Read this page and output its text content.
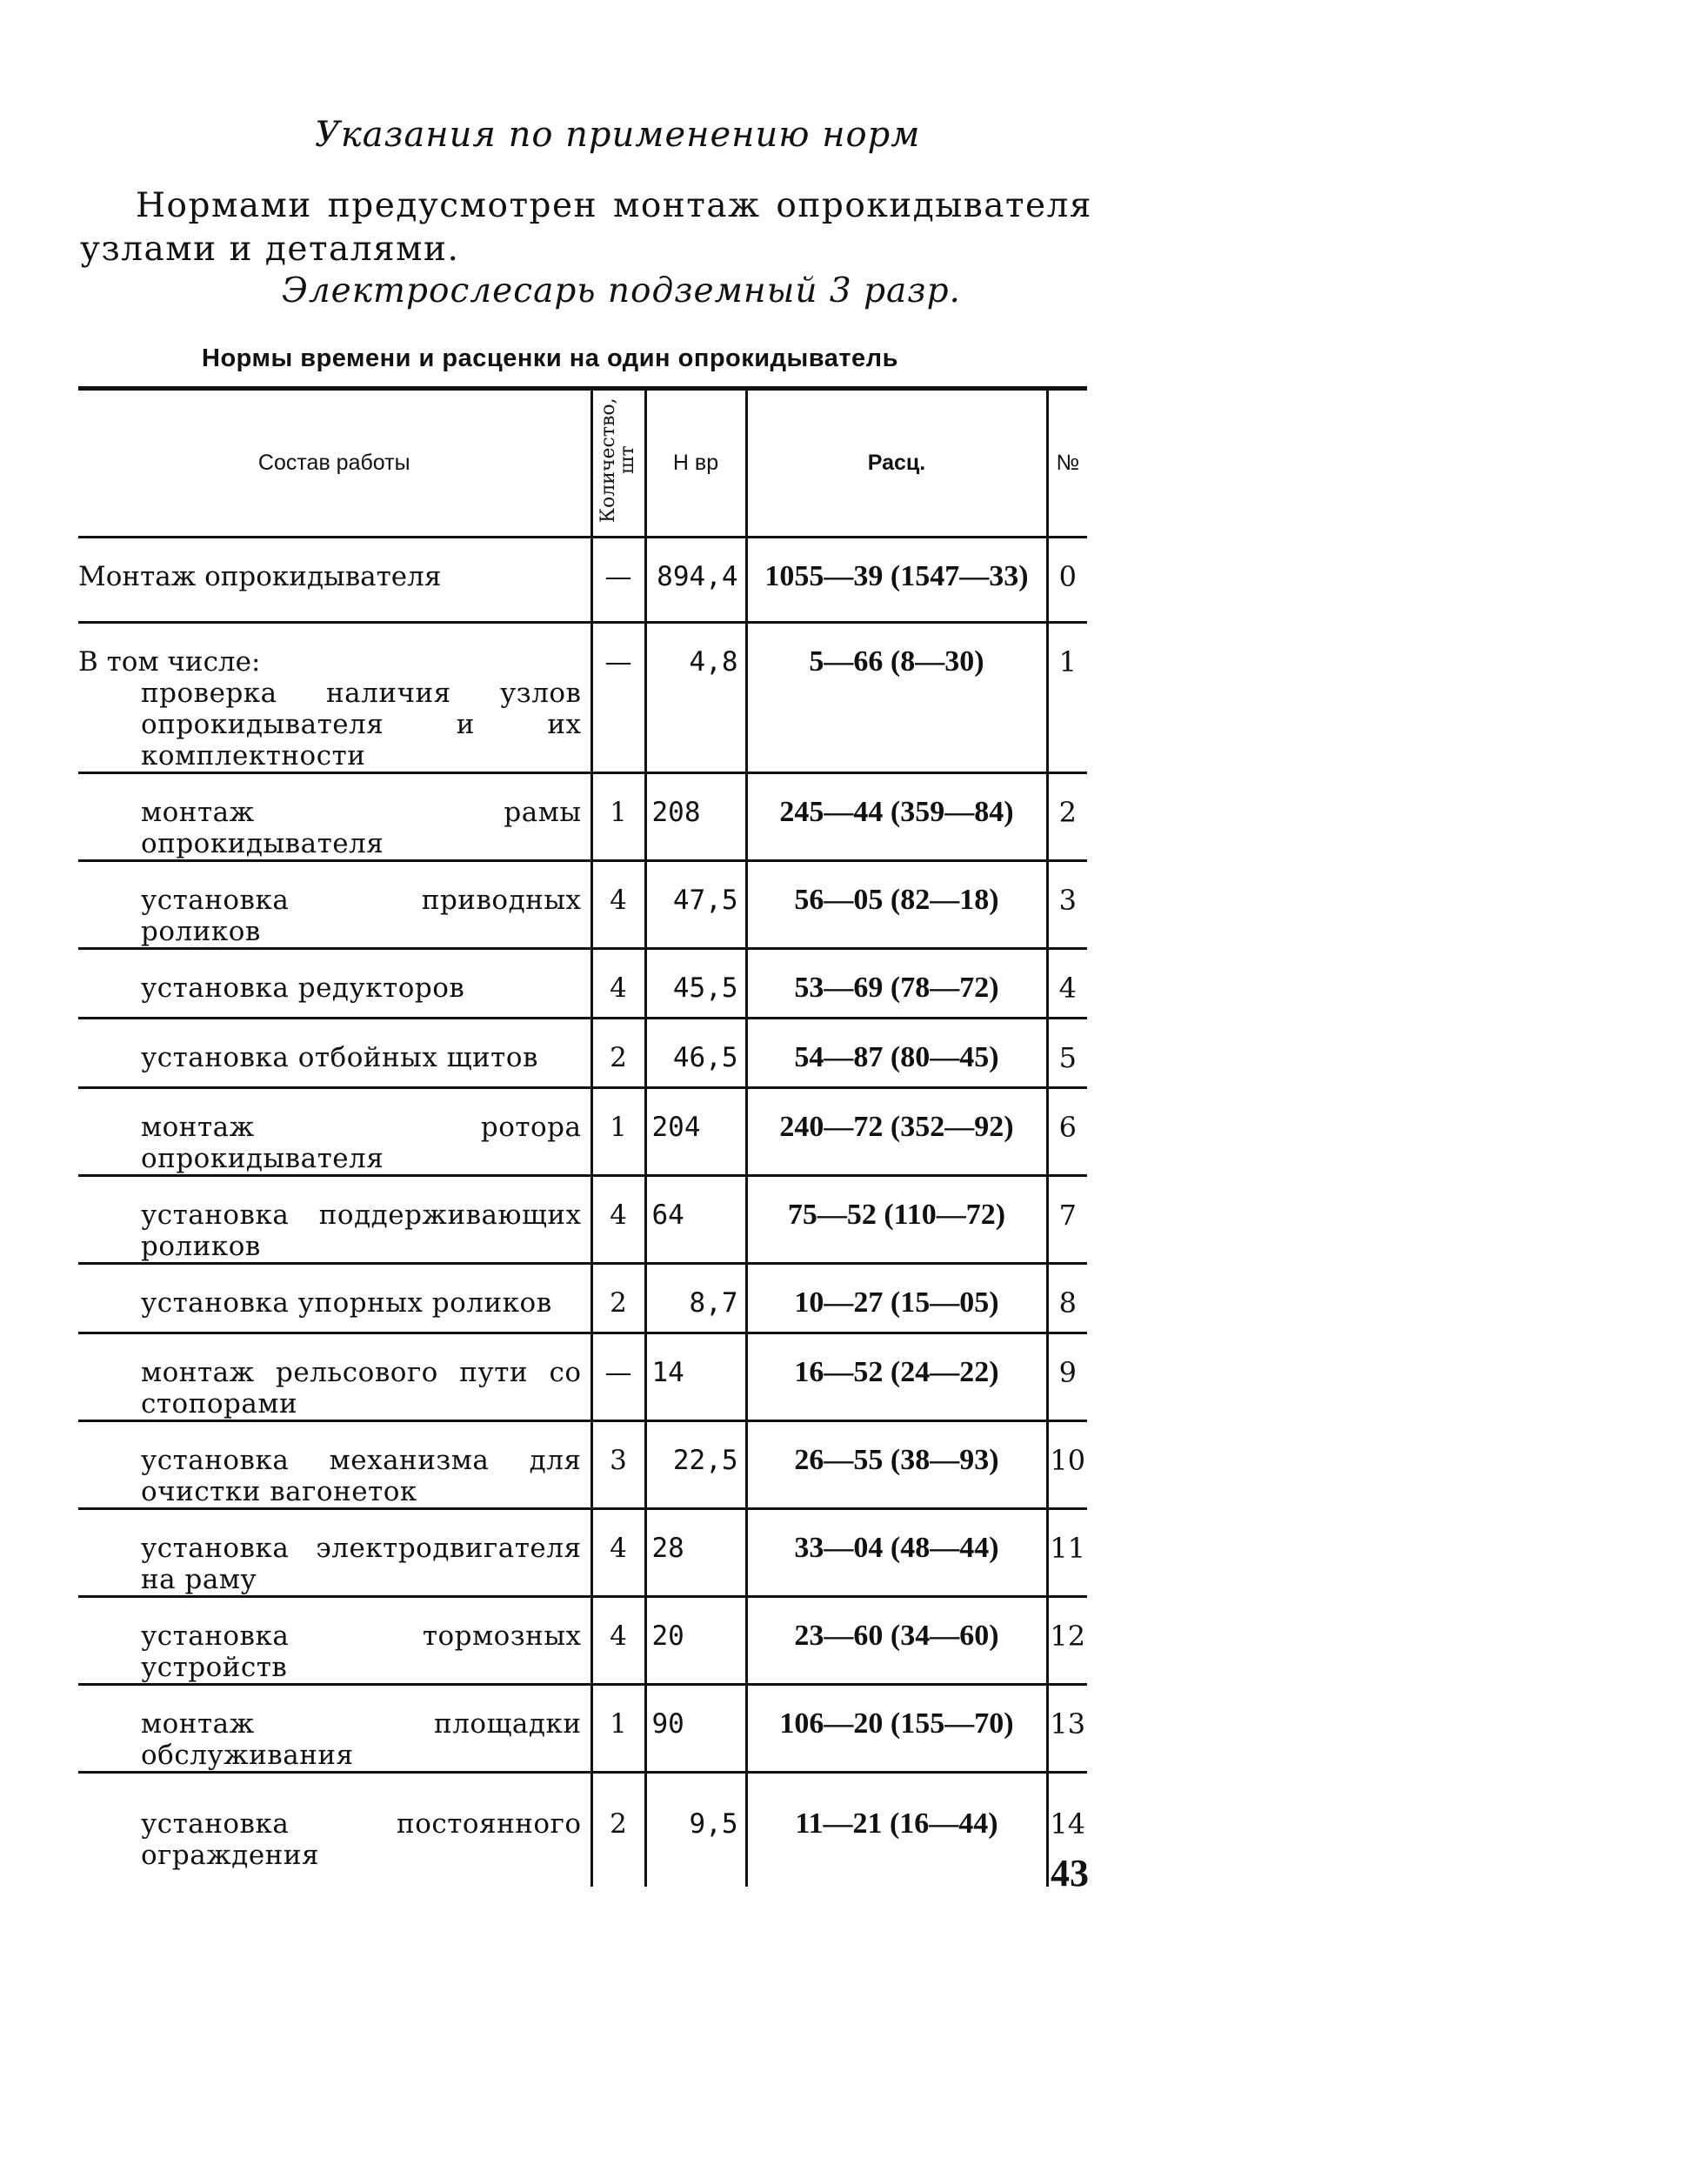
Указания по применению норм

Нормами предусмотрен монтаж опрокидывателя узлами и деталями.

Электрослесарь подземный 3 разр.

Нормы времени и расценки на один опрокидыватель
Состав работы	Количество, шт	Н вр	Расц.	№
Монтаж опрокидывателя	—	894,4	1055—39 (1547—33)	0

В том числе:
проверка наличия узлов опрокидывателя и их комплектности	—	4,8	5—66 (8—30)	1

монтаж рамы опрокидывателя	1	208	245—44 (359—84)	2

установка приводных роликов	4	47,5	56—05 (82—18)	3

установка редукторов	4	45,5	53—69 (78—72)	4

установка отбойных щитов	2	46,5	54—87 (80—45)	5

монтаж ротора опрокидывателя	1	204	240—72 (352—92)	6

установка поддерживающих роликов	4	64	75—52 (110—72)	7

установка упорных роликов	2	8,7	10—27 (15—05)	8

монтаж рельсового пути со стопорами	—	14	16—52 (24—22)	9

установка механизма для очистки вагонеток	3	22,5	26—55 (38—93)	10

установка электродвигателя на раму	4	28	33—04 (48—44)	11

установка тормозных устройств	4	20	23—60 (34—60)	12

монтаж площадки обслуживания	1	90	106—20 (155—70)	13

установка постоянного ограждения	2	9,5	11—21 (16—44)	14
43
